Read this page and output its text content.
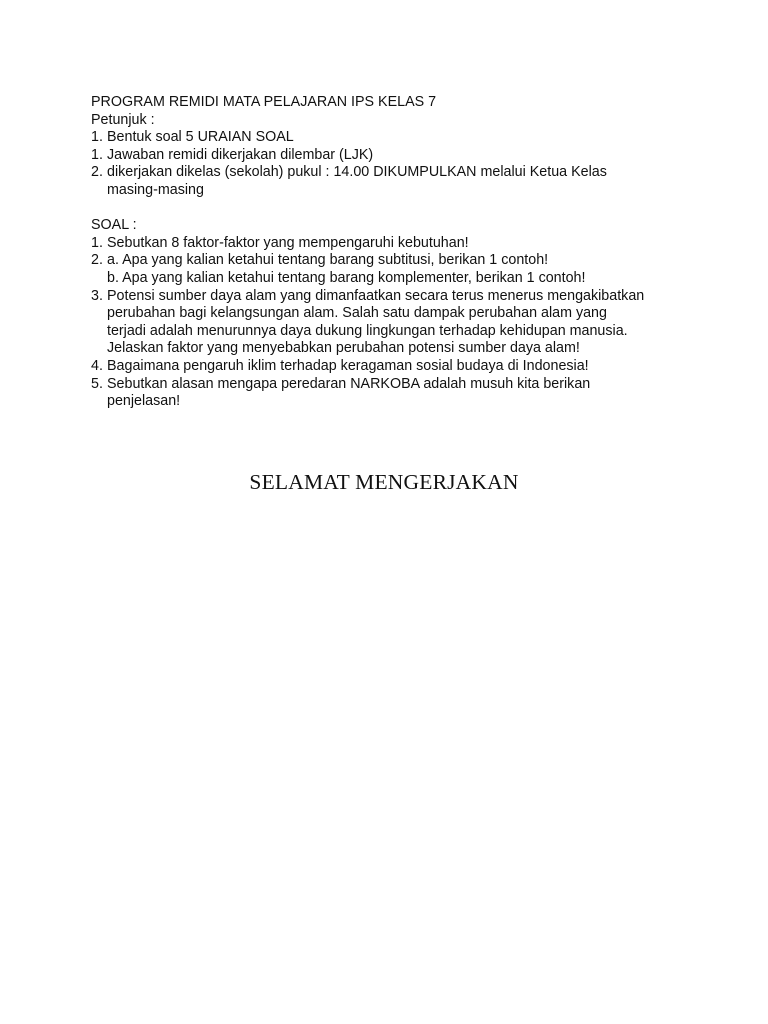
PROGRAM REMIDI MATA PELAJARAN IPS KELAS 7
Petunjuk :
1. Bentuk soal 5 URAIAN SOAL
1. Jawaban remidi dikerjakan dilembar (LJK)
2. dikerjakan dikelas (sekolah) pukul : 14.00 DIKUMPULKAN melalui Ketua Kelas
masing-masing
SOAL :
1. Sebutkan 8 faktor-faktor yang mempengaruhi kebutuhan!
2. a. Apa yang kalian ketahui tentang barang subtitusi, berikan 1 contoh!
b. Apa yang kalian ketahui tentang barang komplementer, berikan 1 contoh!
3. Potensi sumber daya alam yang dimanfaatkan secara terus menerus mengakibatkan
perubahan bagi kelangsungan alam. Salah satu dampak perubahan alam yang
terjadi adalah menurunnya daya dukung lingkungan terhadap kehidupan manusia.
Jelaskan faktor yang menyebabkan perubahan potensi sumber daya alam!
4. Bagaimana pengaruh iklim terhadap keragaman sosial budaya di Indonesia!
5. Sebutkan alasan mengapa peredaran NARKOBA adalah musuh kita berikan
penjelasan!
SELAMAT MENGERJAKAN
